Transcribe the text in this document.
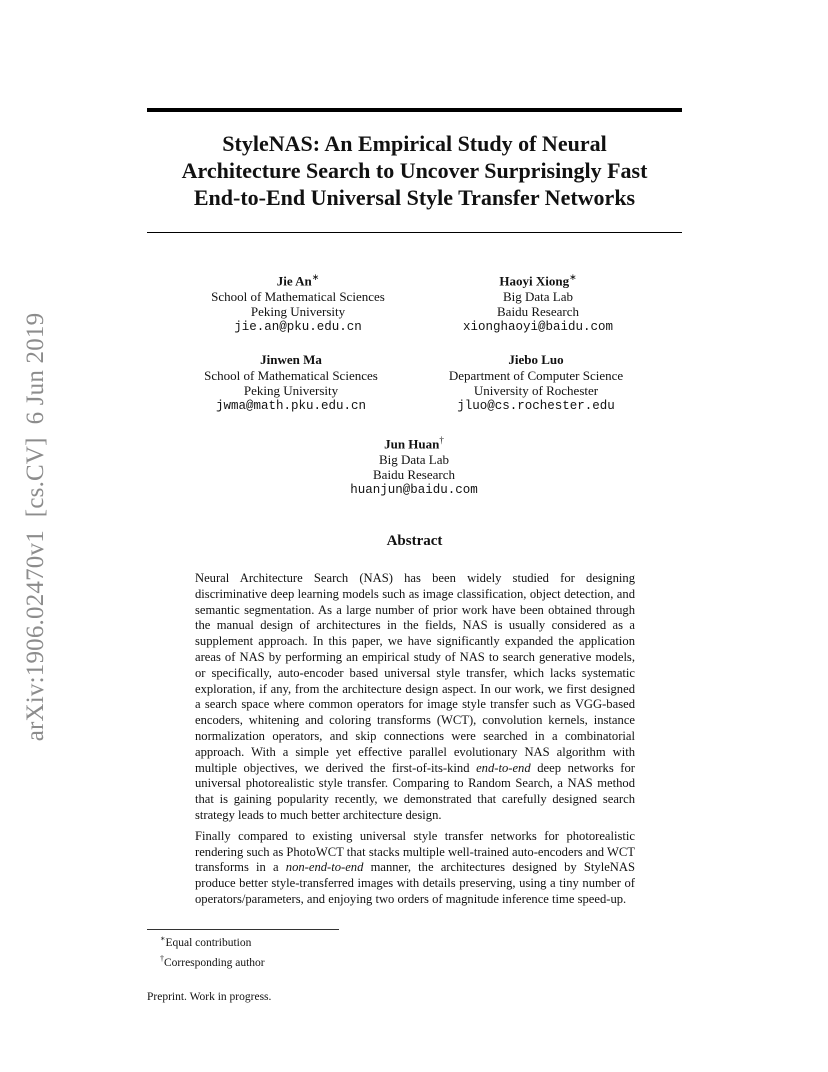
arXiv:1906.02470v1  [cs.CV]  6 Jun 2019
StyleNAS: An Empirical Study of Neural
Architecture Search to Uncover Surprisingly Fast
End-to-End Universal Style Transfer Networks
Jie An∗
School of Mathematical Sciences
Peking University
jie.an@pku.edu.cn
Haoyi Xiong∗
Big Data Lab
Baidu Research
xionghaoyi@baidu.com
Jinwen Ma
School of Mathematical Sciences
Peking University
jwma@math.pku.edu.cn
Jiebo Luo
Department of Computer Science
University of Rochester
jluo@cs.rochester.edu
Jun Huan†
Big Data Lab
Baidu Research
huanjun@baidu.com
Abstract

Neural Architecture Search (NAS) has been widely studied for designing discriminative deep learning models such as image classification, object detection, and semantic segmentation. As a large number of prior work have been obtained through the manual design of architectures in the fields, NAS is usually considered as a supplement approach. In this paper, we have significantly expanded the application areas of NAS by performing an empirical study of NAS to search generative models, or specifically, auto-encoder based universal style transfer, which lacks systematic exploration, if any, from the architecture design aspect. In our work, we first designed a search space where common operators for image style transfer such as VGG-based encoders, whitening and coloring transforms (WCT), convolution kernels, instance normalization operators, and skip connections were searched in a combinatorial approach. With a simple yet effective parallel evolutionary NAS algorithm with multiple objectives, we derived the first-of-its-kind end-to-end deep networks for universal photorealistic style transfer. Comparing to Random Search, a NAS method that is gaining popularity recently, we demonstrated that carefully designed search strategy leads to much better architecture design.

Finally compared to existing universal style transfer networks for photorealistic rendering such as PhotoWCT that stacks multiple well-trained auto-encoders and WCT transforms in a non-end-to-end manner, the architectures designed by StyleNAS produce better style-transferred images with details preserving, using a tiny number of operators/parameters, and enjoying two orders of magnitude inference time speed-up.

∗Equal contribution
†Corresponding author
Preprint. Work in progress.
